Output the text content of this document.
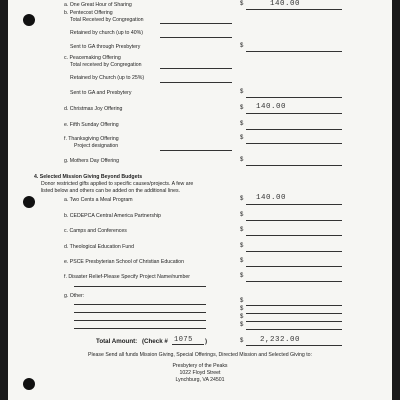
a. One Great Hour of Sharing	$	140.00
b. Pentecost Offering
Total Received by Congregation
Retained by church (up to 40%)
Sent to GA through Presbytery	$
c. Peacemaking Offering
Total received by Congregation
Retained by Church (up to 25%)
Sent to GA and Presbytery	$
d. Christmas Joy Offering	$ 140.00
e. Fifth Sunday Offering	$
f. Thanksgiving Offering	$
Project designation
g. Mothers Day Offering	$
4. Selected Mission Giving Beyond Budgets
Donor restricted gifts applied to specific causes/projects. A few are
listed below and others can be added on the additional lines.
a. Two Cents a Meal Program	$ 140.00
b. CEDEPCA Central America Partnership	$
c. Camps and Conferences	$
d. Theological Education Fund	$
e. PSCE Presbyterian School of Christian Education	$
f. Disaster Relief-Please Specify Project Name/number	$
g. Other:
$
$
$
$
Total Amount: (Check # 1075 )	$ 2,232.00
Please Send all funds Mission Giving, Special Offerings, Directed Mission and Selected Giving to:
Presbytery of the Peaks
1022 Floyd Street
Lynchburg, VA 24501
